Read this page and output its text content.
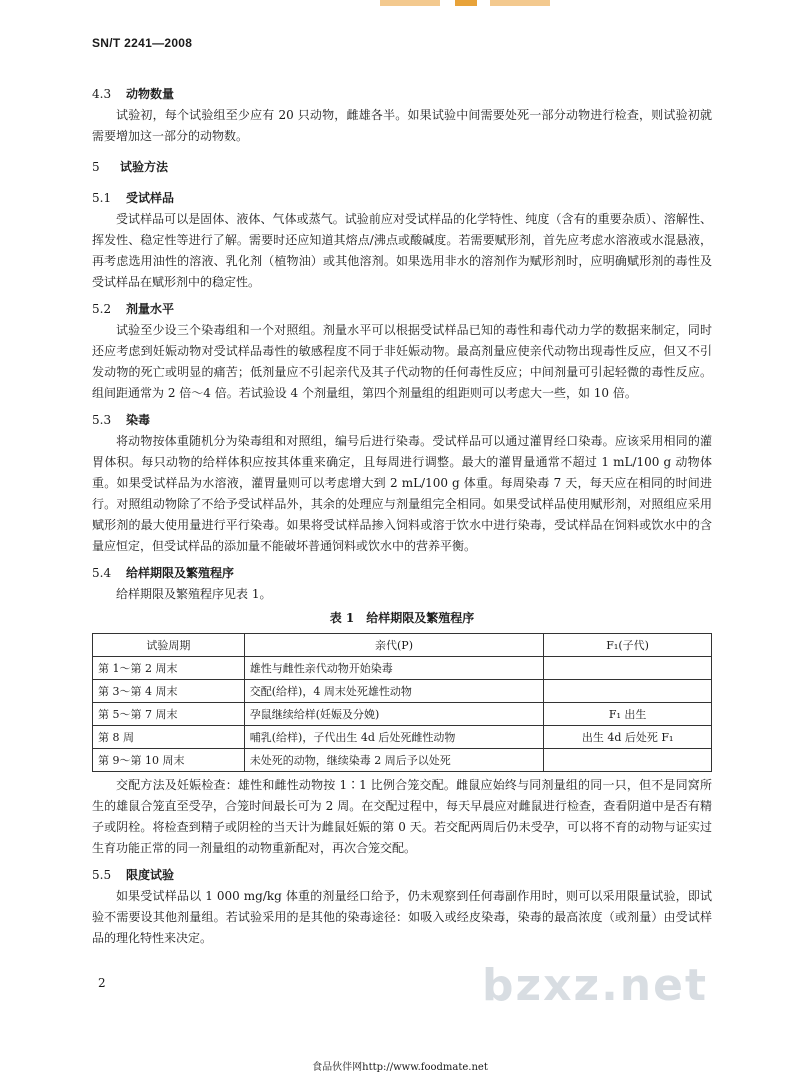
SN/T 2241—2008

4.3 动物数量

试验初，每个试验组至少应有 20 只动物，雌雄各半。如果试验中间需要处死一部分动物进行检查，则试验初就需要增加这一部分的动物数。

5 试验方法

5.1 受试样品

受试样品可以是固体、液体、气体或蒸气。试验前应对受试样品的化学特性、纯度（含有的重要杂质）、溶解性、挥发性、稳定性等进行了解。需要时还应知道其熔点/沸点或酸碱度。若需要赋形剂，首先应考虑水溶液或水混悬液，再考虑选用油性的溶液、乳化剂（植物油）或其他溶剂。如果选用非水的溶剂作为赋形剂时，应明确赋形剂的毒性及受试样品在赋形剂中的稳定性。

5.2 剂量水平

试验至少设三个染毒组和一个对照组。剂量水平可以根据受试样品已知的毒性和毒代动力学的数据来制定，同时还应考虑到妊娠动物对受试样品毒性的敏感程度不同于非妊娠动物。最高剂量应使亲代动物出现毒性反应，但又不引发动物的死亡或明显的痛苦；低剂量应不引起亲代及其子代动物的任何毒性反应；中间剂量可引起轻微的毒性反应。组间距通常为 2 倍～4 倍。若试验设 4 个剂量组，第四个剂量组的组距则可以考虑大一些，如 10 倍。

5.3 染毒

将动物按体重随机分为染毒组和对照组，编号后进行染毒。受试样品可以通过灌胃经口染毒。应该采用相同的灌胃体积。每只动物的给样体积应按其体重来确定，且每周进行调整。最大的灌胃量通常不超过 1 mL/100 g 动物体重。如果受试样品为水溶液，灌胃量则可以考虑增大到 2 mL/100 g 体重。每周染毒 7 天，每天应在相同的时间进行。对照组动物除了不给予受试样品外，其余的处理应与剂量组完全相同。如果受试样品使用赋形剂，对照组应采用赋形剂的最大使用量进行平行染毒。如果将受试样品掺入饲料或溶于饮水中进行染毒，受试样品在饲料或饮水中的含量应恒定，但受试样品的添加量不能破坏普通饲料或饮水中的营养平衡。

5.4 给样期限及繁殖程序

给样期限及繁殖程序见表 1。

表 1　给样期限及繁殖程序

试验周期	亲代(P)	F₁(子代)
第 1～第 2 周末	雄性与雌性亲代动物开始染毒	
第 3～第 4 周末	交配(给样)，4 周末处死雄性动物	
第 5～第 7 周末	孕鼠继续给样(妊娠及分娩)	F₁ 出生
第 8 周	哺乳(给样)，子代出生 4d 后处死雌性动物	出生 4d 后处死 F₁
第 9～第 10 周末	未处死的动物，继续染毒 2 周后予以处死	

交配方法及妊娠检查：雄性和雌性动物按 1∶1 比例合笼交配。雌鼠应始终与同剂量组的同一只，但不是同窝所生的雄鼠合笼直至受孕，合笼时间最长可为 2 周。在交配过程中，每天早晨应对雌鼠进行检查，查看阴道中是否有精子或阴栓。将检查到精子或阴栓的当天计为雌鼠妊娠的第 0 天。若交配两周后仍未受孕，可以将不育的动物与证实过生育功能正常的同一剂量组的动物重新配对，再次合笼交配。

5.5 限度试验

如果受试样品以 1 000 mg/kg 体重的剂量经口给予，仍未观察到任何毒副作用时，则可以采用限量试验，即试验不需要设其他剂量组。若试验采用的是其他的染毒途径：如吸入或经皮染毒，染毒的最高浓度（或剂量）由受试样品的理化特性来决定。

bzxz.net
2
食品伙伴网http://www.foodmate.net
